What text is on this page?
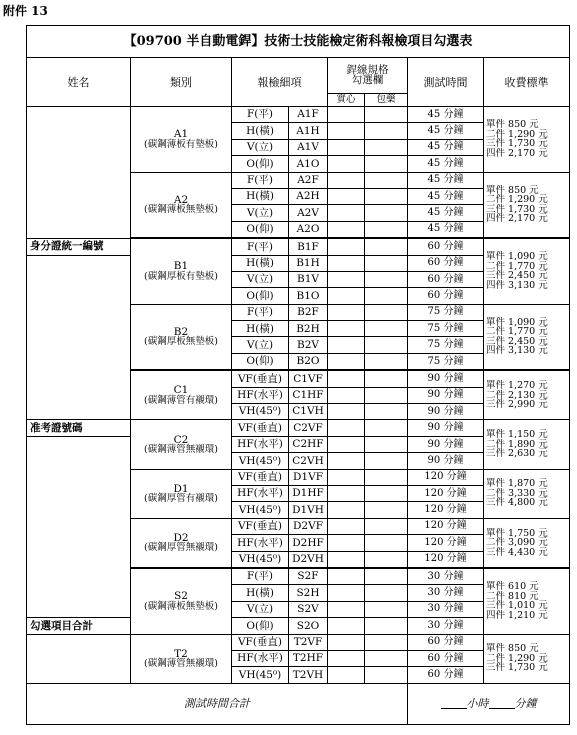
附件 13
【09700 半自動電銲】技術士技能檢定術科報檢項目勾選表							
姓名	類別	報檢細項		銲線規格
勾選欄		測試時間	收費標準
				實心	包藥		

	A1
(碳鋼薄板有墊板)	F(平)	A1F			45 分鐘	單件 850 元
二件 1,290 元
三件 1,730 元
四件 2,170 元

		H(橫)	A1H			45 分鐘	
		V(立)	A1V			45 分鐘	
		O(仰)	A1O			45 分鐘	

	A2
(碳鋼薄板無墊板)	F(平)	A2F			45 分鐘	單件 850 元
二件 1,290 元
三件 1,730 元
四件 2,170 元

		H(橫)	A2H			45 分鐘	
		V(立)	A2V			45 分鐘	
		O(仰)	A2O			45 分鐘	
身分證統一編號	B1
(碳鋼厚板有墊板)	F(平)	B1F			60 分鐘	單件 1,090 元
二件 1,770 元
三件 2,450 元
四件 3,130 元

		H(橫)	B1H			60 分鐘	
		V(立)	B1V			60 分鐘	
		O(仰)	B1O			60 分鐘	

	B2
(碳鋼厚板無墊板)	F(平)	B2F			75 分鐘	單件 1,090 元
二件 1,770 元
三件 2,450 元
四件 3,130 元

		H(橫)	B2H			75 分鐘	
		V(立)	B2V			75 分鐘	
		O(仰)	B2O			75 分鐘	

	C1
(碳鋼薄管有襯環)	VF(垂直)	C1VF			90 分鐘	單件 1,270 元
二件 2,130 元
三件 2,990 元

		HF(水平)	C1HF			90 分鐘	
		VH(45⁰)	C1VH			90 分鐘	
准考證號碼	C2
(碳鋼薄管無襯環)	VF(垂直)	C2VF			90 分鐘	單件 1,150 元
二件 1,890 元
三件 2,630 元

		HF(水平)	C2HF			90 分鐘	
		VH(45⁰)	C2VH			90 分鐘	

	D1
(碳鋼厚管有襯環)	VF(垂直)	D1VF			120 分鐘	單件 1,870 元
二件 3,330 元
三件 4,800 元

		HF(水平)	D1HF			120 分鐘	
		VH(45⁰)	D1VH			120 分鐘	

	D2
(碳鋼厚管無襯環)	VF(垂直)	D2VF			120 分鐘	單件 1,750 元
二件 3,090 元
三件 4,430 元

		HF(水平)	D2HF			120 分鐘	
		VH(45⁰)	D2VH			120 分鐘	

	S2
(碳鋼薄板無墊板)	F(平)	S2F			30 分鐘	單件 610 元
二件 810 元
三件 1,010 元
四件 1,210 元

		H(橫)	S2H			30 分鐘	
		V(立)	S2V			30 分鐘	
勾選項目合計		O(仰)	S2O			30 分鐘	

	T2
(碳鋼薄管無襯環)	VF(垂直)	T2VF			60 分鐘	單件 850 元
二件 1,290 元
三件 1,730 元

		HF(水平)	T2HF			60 分鐘	
		VH(45⁰)	T2VH			60 分鐘	
測試時間合計						小時 分鐘	
